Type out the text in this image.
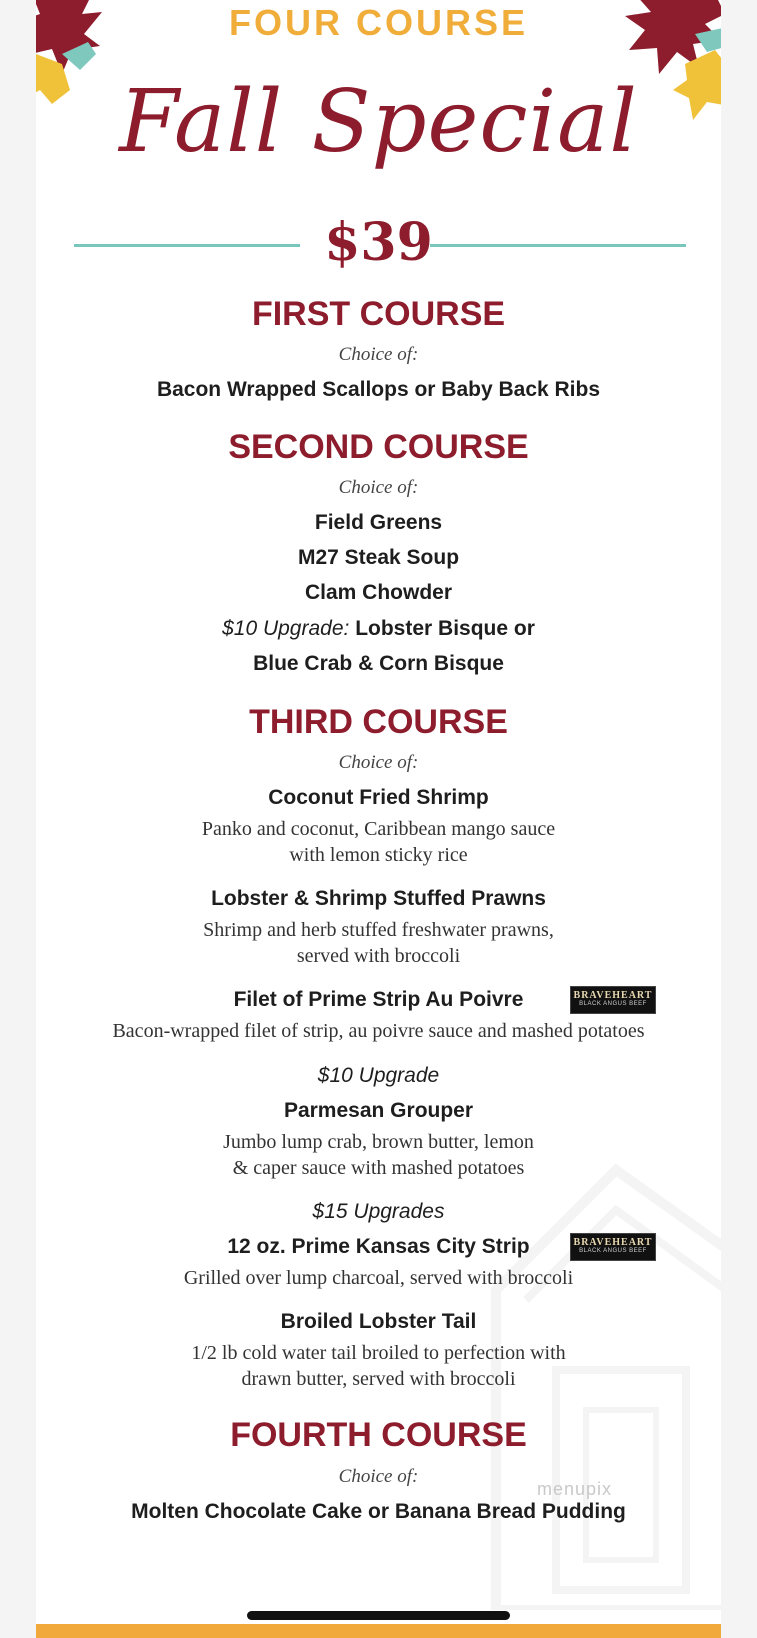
FOUR COURSE
Fall Special
$39
FIRST COURSE
Choice of:
Bacon Wrapped Scallops or Baby Back Ribs
SECOND COURSE
Choice of:
Field Greens
M27 Steak Soup
Clam Chowder
$10 Upgrade: Lobster Bisque or
Blue Crab & Corn Bisque
THIRD COURSE
Choice of:
Coconut Fried Shrimp
Panko and coconut, Caribbean mango sauce
with lemon sticky rice
Lobster & Shrimp Stuffed Prawns
Shrimp and herb stuffed freshwater prawns,
served with broccoli
Filet of Prime Strip Au Poivre	BRAVEHEART
BLACK ANGUS BEEF
Bacon-wrapped filet of strip, au poivre sauce and mashed potatoes
$10 Upgrade
Parmesan Grouper
Jumbo lump crab, brown butter, lemon
& caper sauce with mashed potatoes
$15 Upgrades
12 oz. Prime Kansas City Strip	BRAVEHEART
BLACK ANGUS BEEF
Grilled over lump charcoal, served with broccoli
Broiled Lobster Tail
1/2 lb cold water tail broiled to perfection with
drawn butter, served with broccoli
FOURTH COURSE
Choice of:
Molten Chocolate Cake or Banana Bread Pudding
menupix
